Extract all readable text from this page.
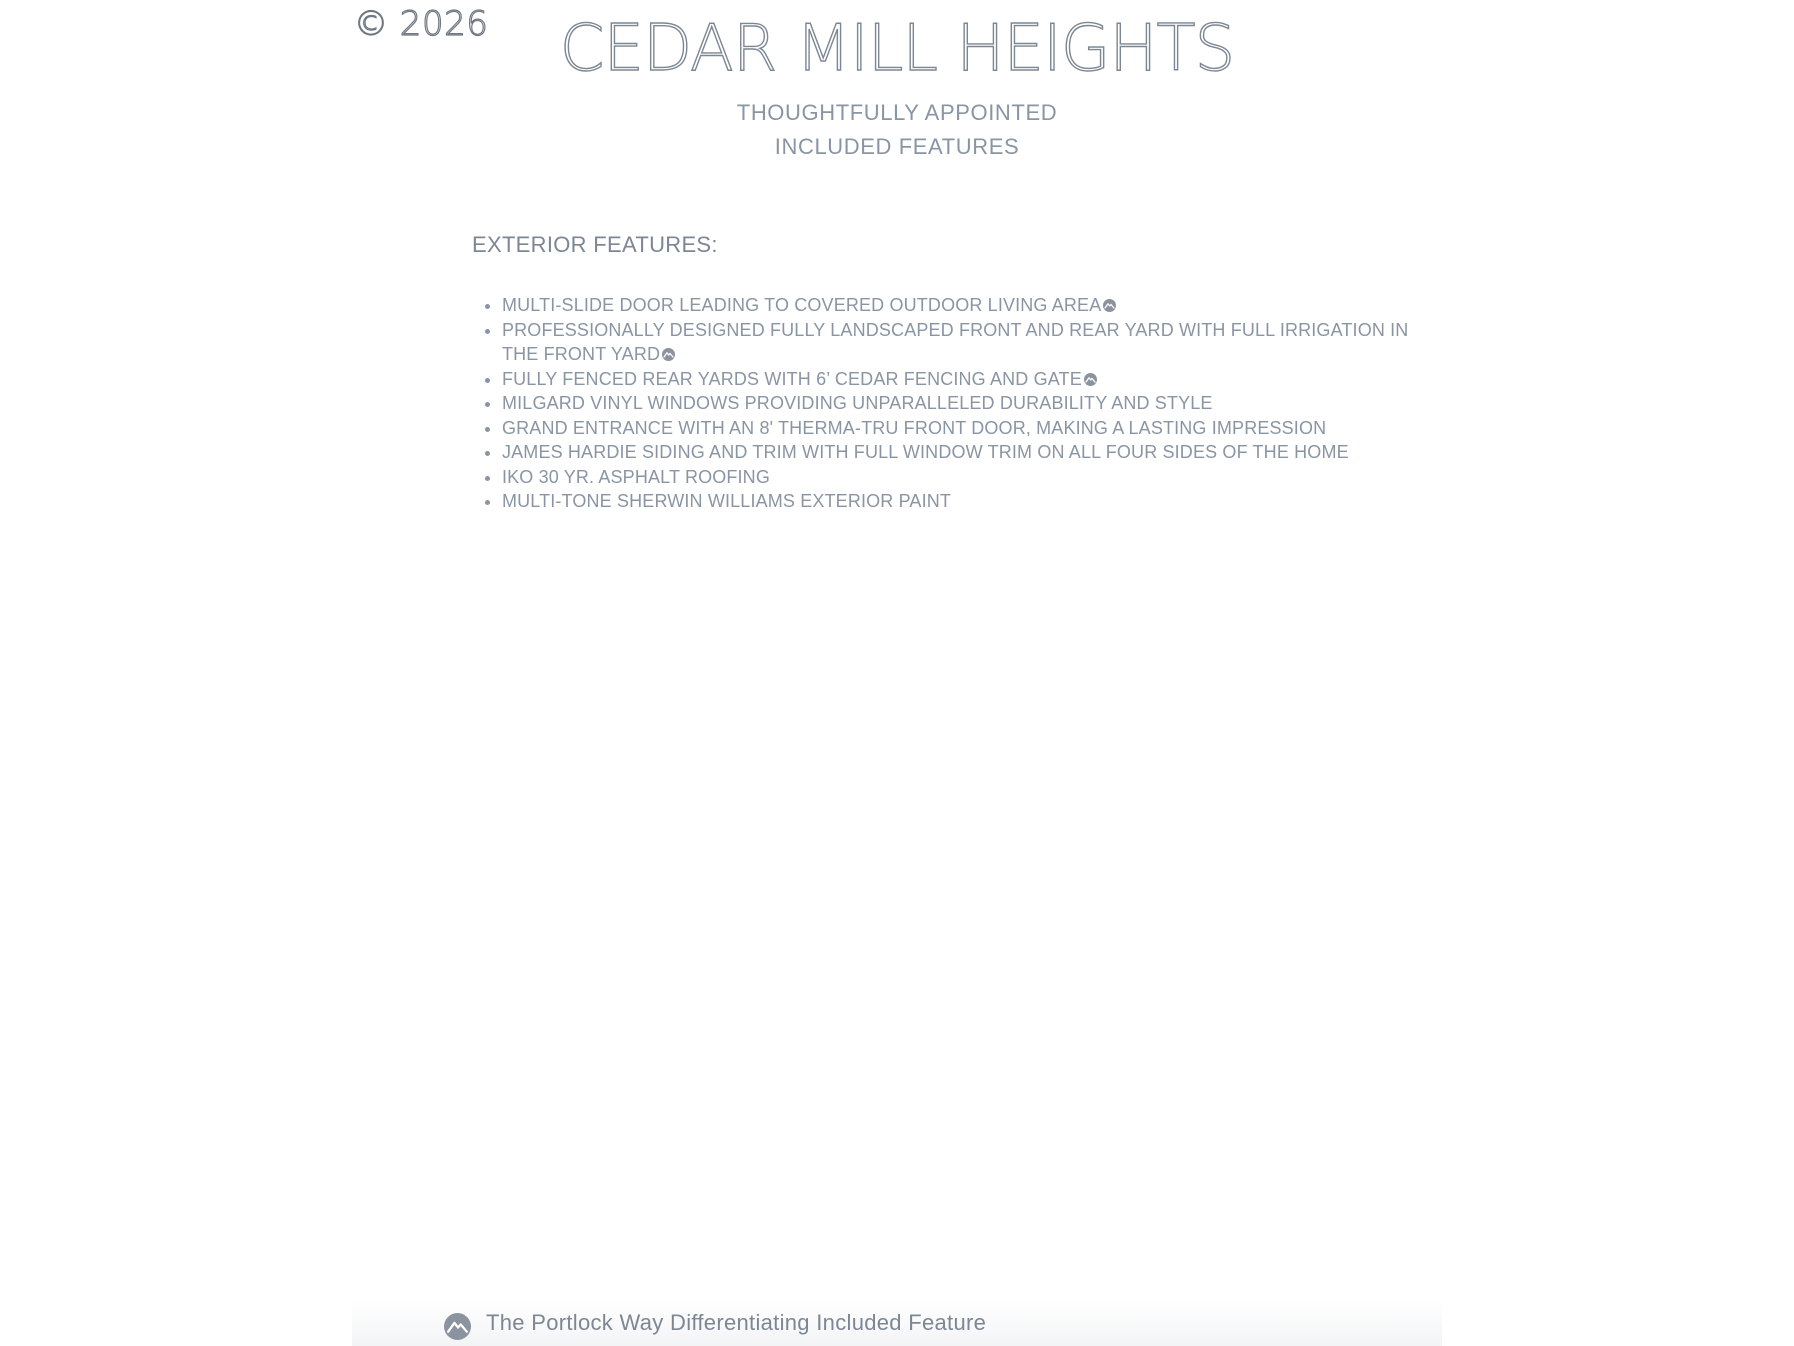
© 2026	CEDAR MILL HEIGHTS
THOUGHTFULLY APPOINTED
INCLUDED FEATURES
EXTERIOR FEATURES:
• MULTI-SLIDE DOOR LEADING TO COVERED OUTDOOR LIVING AREA
• PROFESSIONALLY DESIGNED FULLY LANDSCAPED FRONT AND REAR YARD WITH FULL IRRIGATION IN THE FRONT YARD
• FULLY FENCED REAR YARDS WITH 6’ CEDAR FENCING AND GATE
• MILGARD VINYL WINDOWS PROVIDING UNPARALLELED DURABILITY AND STYLE
• GRAND ENTRANCE WITH AN 8' THERMA-TRU FRONT DOOR, MAKING A LASTING IMPRESSION
• JAMES HARDIE SIDING AND TRIM WITH FULL WINDOW TRIM ON ALL FOUR SIDES OF THE HOME
• IKO 30 YR. ASPHALT ROOFING
• MULTI-TONE SHERWIN WILLIAMS EXTERIOR PAINT
The Portlock Way Differentiating Included Feature
